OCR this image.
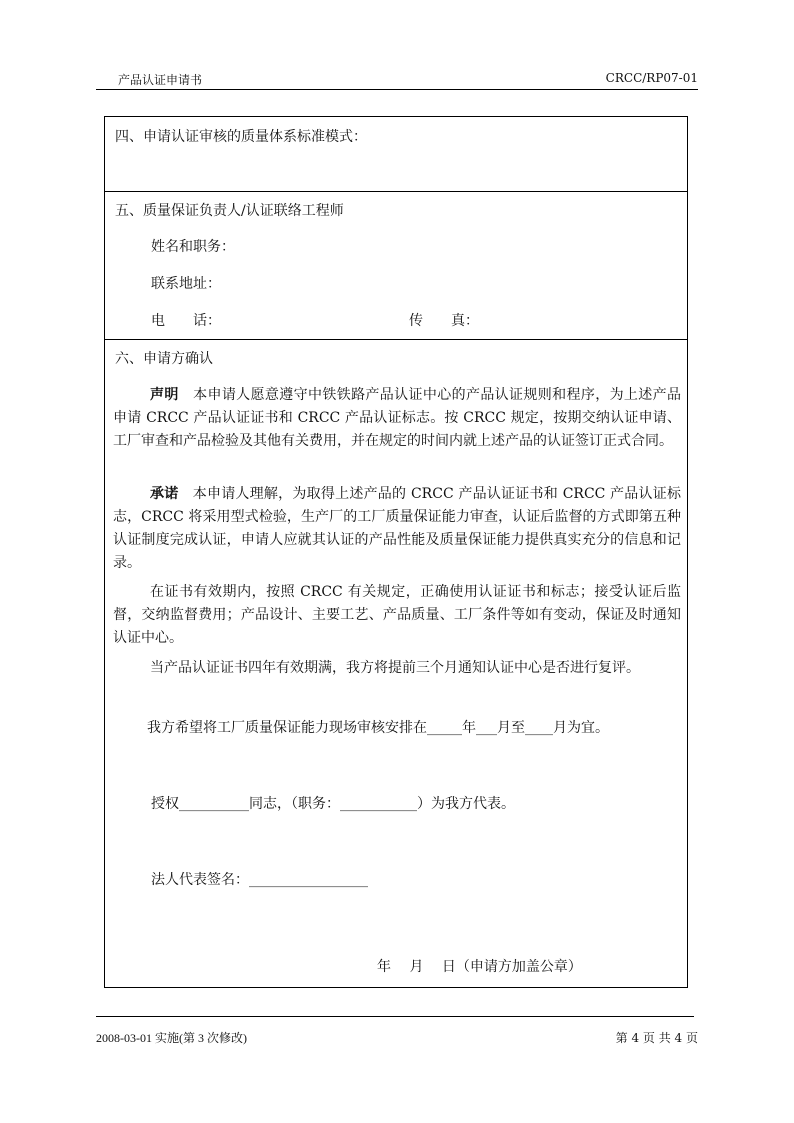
产品认证申请书	CRCC/RP07-01
四、申请认证审核的质量体系标准模式：
五、质量保证负责人/认证联络工程师
姓名和职务：
联系地址：
电　　话：	传　　真：
六、申请方确认

声明　本申请人愿意遵守中铁铁路产品认证中心的产品认证规则和程序，为上述产品申请 CRCC 产品认证证书和 CRCC 产品认证标志。按 CRCC 规定，按期交纳认证申请、工厂审查和产品检验及其他有关费用，并在规定的时间内就上述产品的认证签订正式合同。

承诺　本申请人理解，为取得上述产品的 CRCC 产品认证证书和 CRCC 产品认证标志，CRCC 将采用型式检验，生产厂的工厂质量保证能力审查，认证后监督的方式即第五种认证制度完成认证，申请人应就其认证的产品性能及质量保证能力提供真实充分的信息和记录。

在证书有效期内，按照 CRCC 有关规定，正确使用认证证书和标志；接受认证后监督，交纳监督费用；产品设计、主要工艺、产品质量、工厂条件等如有变动，保证及时通知认证中心。

当产品认证证书四年有效期满，我方将提前三个月通知认证中心是否进行复评。

我方希望将工厂质量保证能力现场审核安排在_____年___月至____月为宜。
授权__________同志，（职务：___________）为我方代表。
法人代表签名：_________________
年　 月　 日（申请方加盖公章）
2008-03-01 实施(第 3 次修改)	第 4 页 共 4 页
